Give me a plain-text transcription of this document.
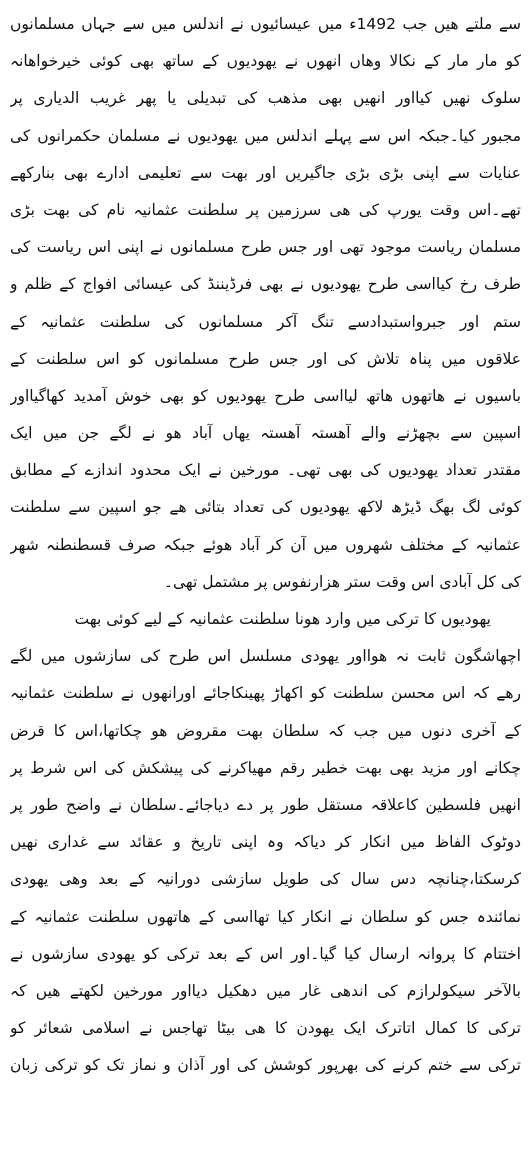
سے ملتے ھیں جب 1492ء میں عیسائیوں نے اندلس میں سے جہاں مسلمانوں
کو مار مار کے نکالا وھاں انھوں نے یھودیوں کے ساتھ بھی کوئی خیرخواھانہ
سلوک نھیں کیااور انھیں بھی مذھب کی تبدیلی یا پھر غریب الدیاری پر
مجبور کیا۔جبکہ اس سے پہلے اندلس میں یھودیوں نے مسلمان حکمرانوں کی
عنایات سے اپنی بڑی بڑی جاگیریں اور بھت سے تعلیمی ادارے بھی بنارکھے
تھے۔اس وقت یورپ کی ھی سرزمین پر سلطنت عثمانیہ نام کی بھت بڑی
مسلمان ریاست موجود تھی اور جس طرح مسلمانوں نے اپنی اس ریاست کی
طرف رخ کیااسی طرح یھودیوں نے بھی فرڈیننڈ کی عیسائی افواج کے ظلم و
ستم اور جبرواستبدادسے تنگ آکر مسلمانوں کی سلطنت عثمانیہ کے
علاقوں میں پناہ تلاش کی اور جس طرح مسلمانوں کو اس سلطنت کے
باسیوں نے ھاتھوں ھاتھ لیااسی طرح یھودیوں کو بھی خوش آمدید کھاگیااور
اسپین سے بچھڑنے والے آھستہ آھستہ یھاں آباد ھو نے لگے جن میں ایک
مقتدر تعداد یھودیوں کی بھی تھی۔ مورخین نے ایک محدود اندازے کے مطابق
کوئی لگ بھگ ڈیڑھ لاکھ یھودیوں کی تعداد بتائی ھے جو اسپین سے سلطنت
عثمانیہ کے مختلف شھروں میں آن کر آباد ھوئے جبکہ صرف قسطنطنہ شھر
کی کل آبادی اس وقت ستر ھزارنفوس پر مشتمل تھی۔
یھودیوں کا ترکی میں وارد ھونا سلطنت عثمانیہ کے لیے کوئی بھت
اچھاشگون ثابت نہ ھوااور یھودی مسلسل اس طرح کی سازشوں میں لگے
رھے کہ اس محسن سلطنت کو اکھاڑ پھینکاجائے اورانھوں نے سلطنت عثمانیہ
کے آخری دنوں میں جب کہ سلطان بھت مقروض ھو چکاتھا،اس کا قرض
چکانے اور مزید بھی بھت خطیر رقم مھیاکرنے کی پیشکش کی اس شرط پر
انھیں فلسطین کاعلاقہ مستقل طور پر دے دیاجائے۔سلطان نے واضح طور پر
دوٹوک الفاظ میں انکار کر دیاکہ وہ اپنی تاریخ و عقائد سے غداری نھیں
کرسکتا،چنانچہ دس سال کی طویل سازشی دورانیہ کے بعد وھی یھودی
نمائندہ جس کو سلطان نے انکار کیا تھااسی کے ھاتھوں سلطنت عثمانیہ کے
اختتام کا پروانہ ارسال کیا گیا۔اور اس کے بعد ترکی کو یھودی سازشوں نے
بالآخر سیکولرازم کی اندھی غار میں دھکیل دیااور مورخین لکھتے ھیں کہ
ترکی کا کمال اتاترک ایک یھودن کا ھی بیٹا تھاجس نے اسلامی شعائر کو
ترکی سے ختم کرنے کی بھرپور کوشش کی اور آذان و نماز تک کو ترکی زبان
